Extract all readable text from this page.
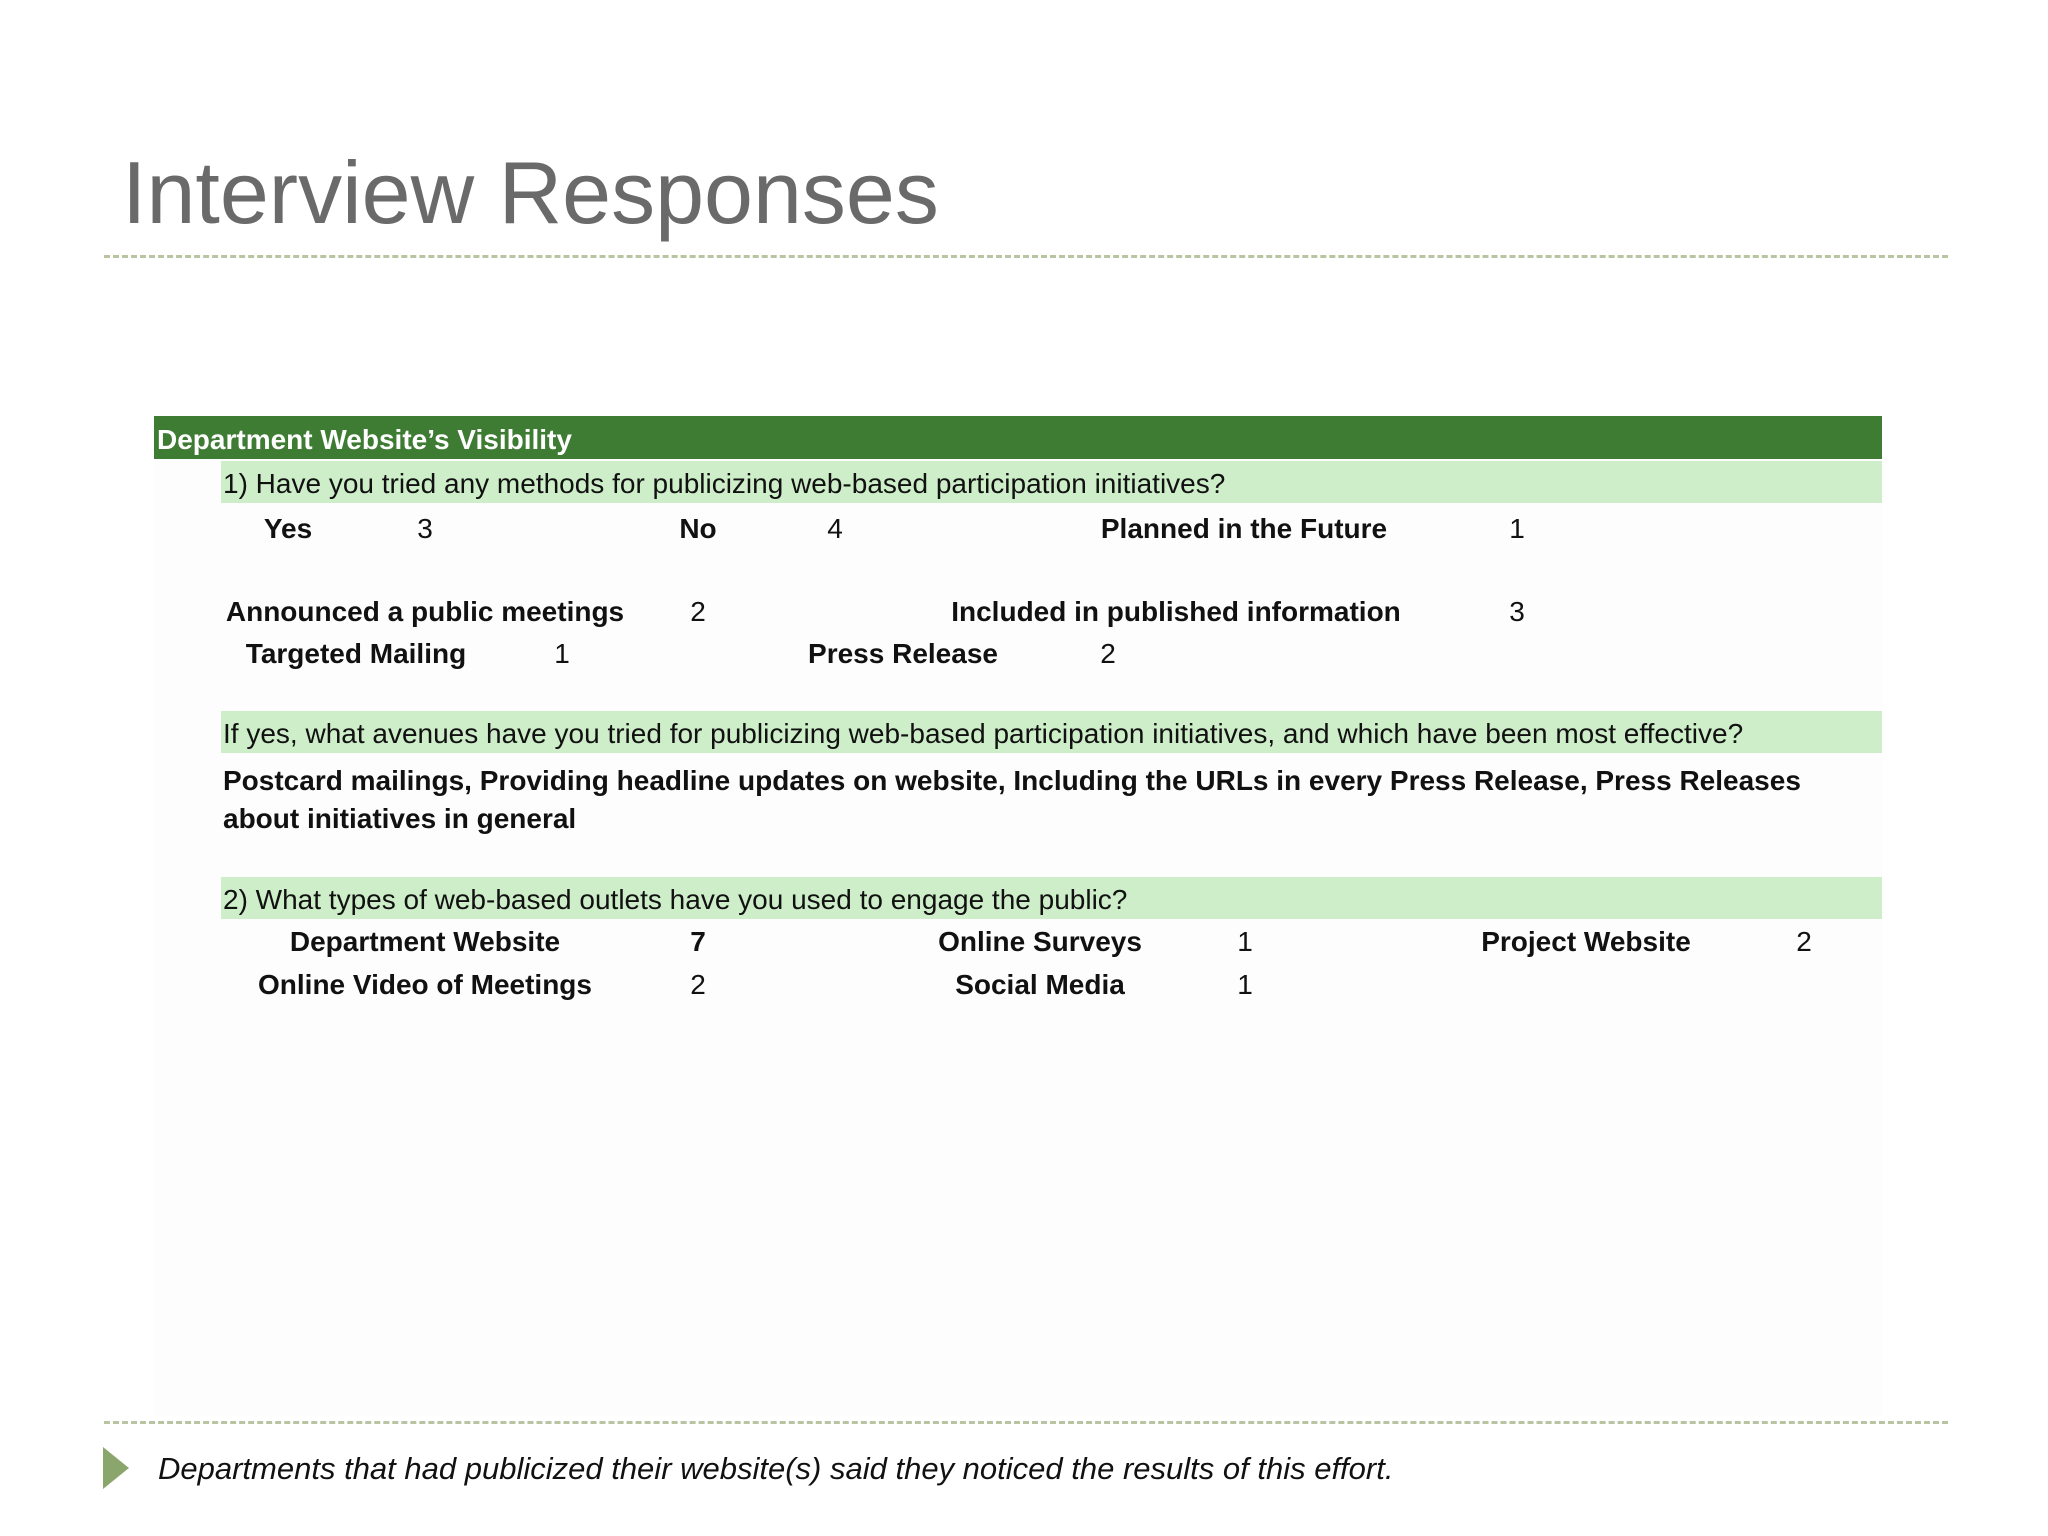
Interview Responses
Department Website’s Visibility
1) Have you tried any methods for publicizing web-based participation initiatives?
Yes	3	No	4	Planned in the Future	1
Announced a public meetings 2	Included in published information	3
Targeted Mailing	1	Press Release	2
If yes, what avenues have you tried for publicizing web-based participation initiatives, and which have been most effective?
Postcard mailings, Providing headline updates on website, Including the URLs in every Press Release, Press Releases about initiatives in general
2) What types of web-based outlets have you used to engage the public?
Department Website	7	Online Surveys	1	Project Website	2
Online Video of Meetings	2	Social Media	1
Departments that had publicized their website(s) said they noticed the results of this effort.
